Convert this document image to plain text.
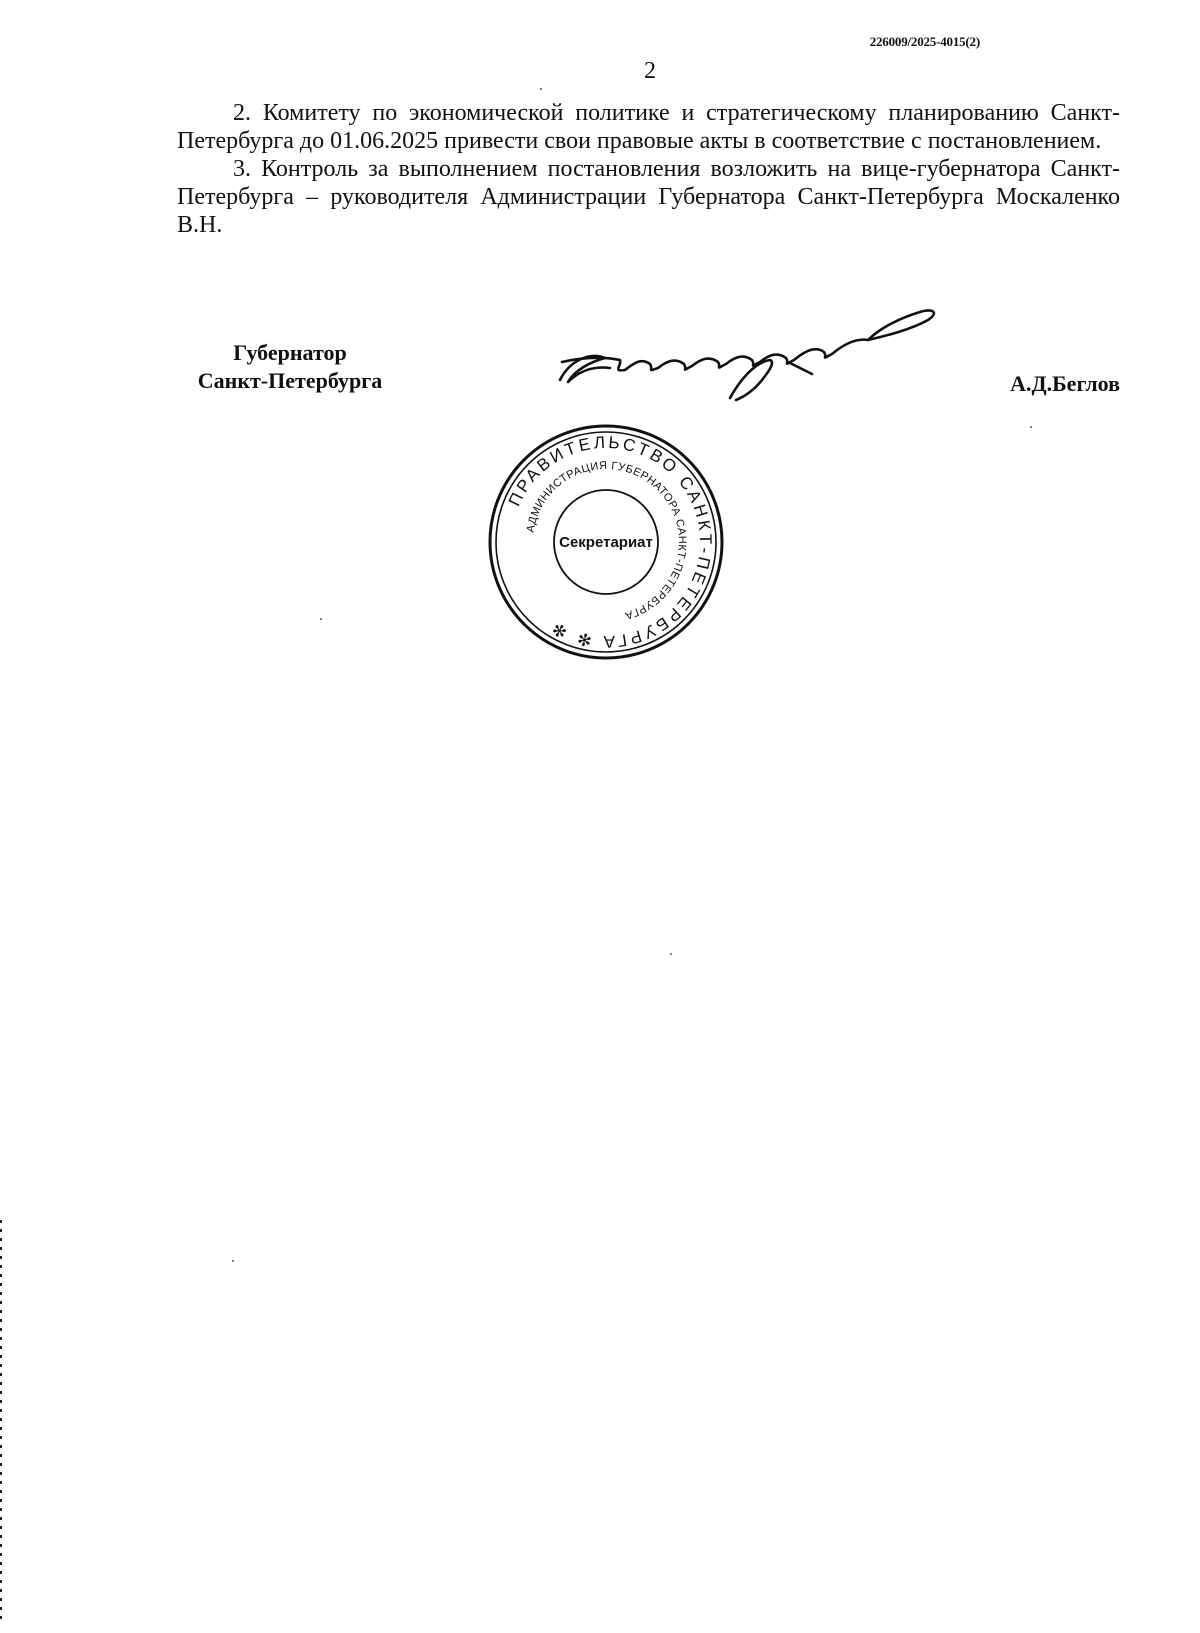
226009/2025-4015(2)
2

2. Комитету по экономической политике и стратегическому планированию Санкт-Петербурга до 01.06.2025 привести свои правовые акты в соответствие с постановлением.

3. Контроль за выполнением постановления возложить на вице-губернатора Санкт-Петербурга – руководителя Администрации Губернатора Санкт-Петербурга Москаленко В.Н.

Губернатор
Санкт-Петербурга	А.Д.Беглов
ПРАВИТЕЛЬСТВО САНКТ-ПЕТЕРБУРГА ✻ ✻
АДМИНИСТРАЦИЯ ГУБЕРНАТОРА САНКТ-ПЕТЕРБУРГА
Секретариат
